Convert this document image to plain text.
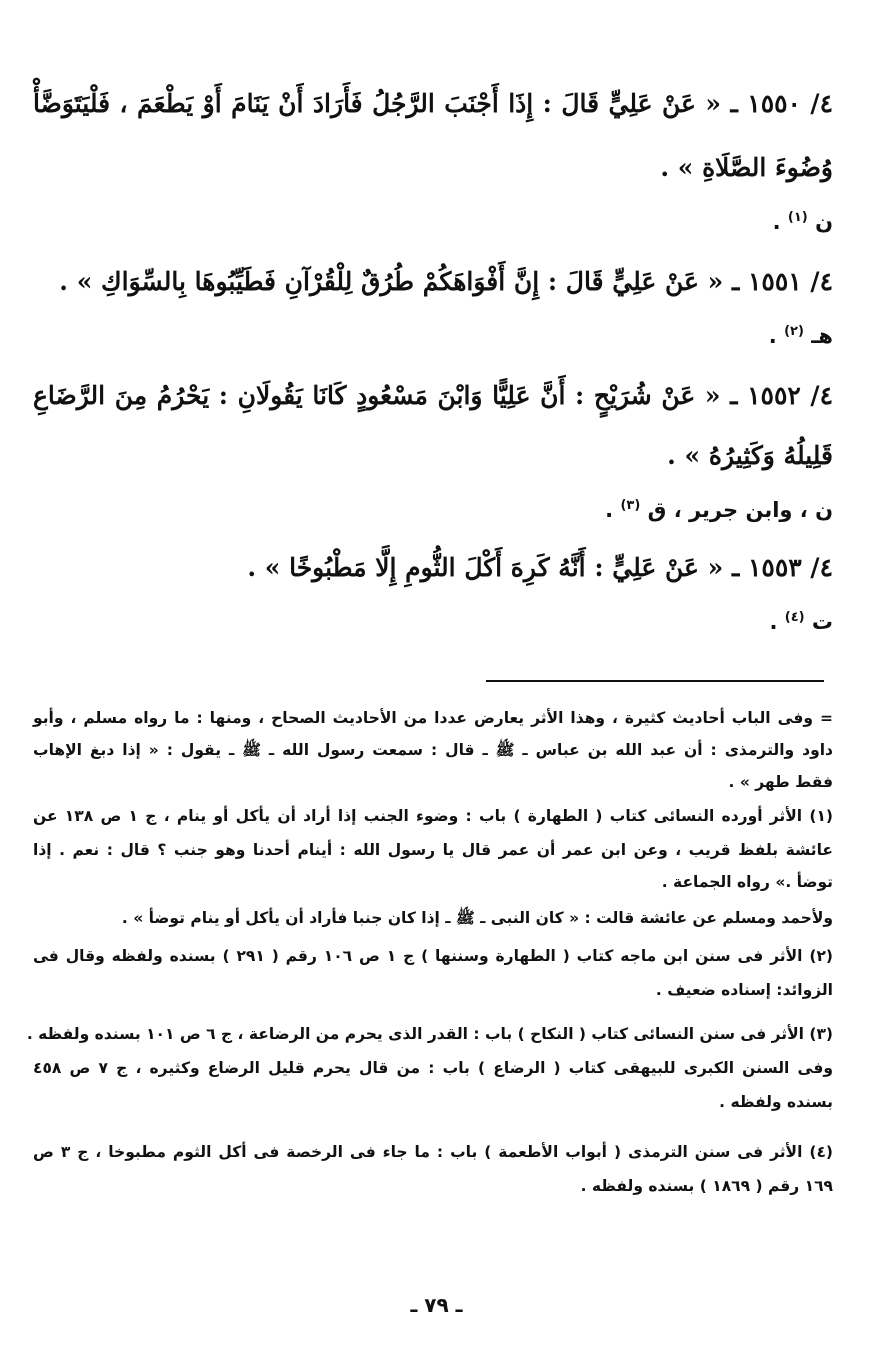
٤/ ١٥٥٠ ـ « عَنْ عَلِيٍّ قَالَ : إِذَا أَجْنَبَ الرَّجُلُ فَأَرَادَ أَنْ يَنَامَ أَوْ يَطْعَمَ ، فَلْيَتَوَضَّأْ
وُضُوءَ الصَّلَاةِ » .
ن $^{(١)}$ .
٤/ ١٥٥١ ـ « عَنْ عَلِيٍّ قَالَ : إِنَّ أَفْوَاهَكُمْ طُرُقٌ لِلْقُرْآنِ فَطَيِّبُوهَا بِالسِّوَاكِ » .
هـ $^{(٢)}$ .
٤/ ١٥٥٢ ـ « عَنْ شُرَيْحٍ : أَنَّ عَلِيًّا وَابْنَ مَسْعُودٍ كَانَا يَقُولَانِ : يَحْرُمُ مِنَ الرَّضَاعِ
قَلِيلُهُ وَكَثِيرُهُ » .
ن ، وابن جرير ، ق $^{(٣)}$ .
٤/ ١٥٥٣ ـ « عَنْ عَلِيٍّ : أَنَّهُ كَرِهَ أَكْلَ الثُّومِ إِلَّا مَطْبُوخًا » .
ت $^{(٤)}$ .
= وفى الباب أحاديث كثيرة ، وهذا الأثر يعارض عددا من الأحاديث الصحاح ، ومنها : ما رواه مسلم ، وأبو
داود والترمذى : أن عبد الله بن عباس ـ ﷺ ـ قال : سمعت رسول الله ـ ﷺ ـ يقول : « إذا دبغ الإهاب
فقط طهر » .
(١) الأثر أورده النسائى كتاب ( الطهارة ) باب : وضوء الجنب إذا أراد أن يأكل أو ينام ، ج ١ ص ١٣٨ عن
عائشة بلفظ قريب ، وعن ابن عمر أن عمر قال يا رسول الله : أينام أحدنا وهو جنب ؟ قال : نعم . إذا
توضأ .» رواه الجماعة .
ولأحمد ومسلم عن عائشة قالت : « كان النبى ـ ﷺ ـ إذا كان جنبا فأراد أن يأكل أو ينام توضأ » .
(٢) الأثر فى سنن ابن ماجه كتاب ( الطهارة وسننها ) ج ١ ص ١٠٦ رقم ( ٢٩١ ) بسنده ولفظه وقال فى
الزوائد: إسناده ضعيف .
(٣) الأثر فى سنن النسائى كتاب ( النكاح ) باب : القدر الذى يحرم من الرضاعة ، ج ٦ ص ١٠١ بسنده ولفظه .
وفى السنن الكبرى للبيهقى كتاب ( الرضاع ) باب : من قال يحرم قليل الرضاع وكثيره ، ج ٧ ص ٤٥٨
بسنده ولفظه .
(٤) الأثر فى سنن الترمذى ( أبواب الأطعمة ) باب : ما جاء فى الرخصة فى أكل الثوم مطبوخا ، ج ٣ ص
١٦٩ رقم ( ١٨٦٩ ) بسنده ولفظه .
ـ ٧٩ ـ
